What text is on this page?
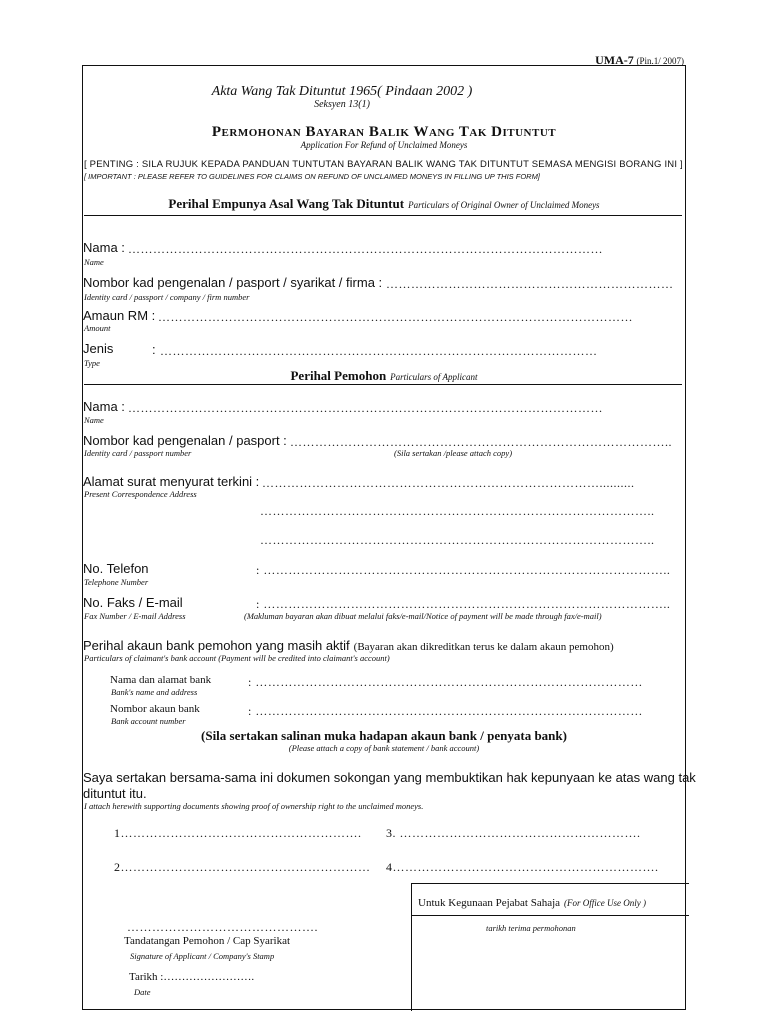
UMA-7 (Pin.1/ 2007)
Akta Wang Tak Dituntut 1965( Pindaan 2002 )
Seksyen 13(1)
Permohonan Bayaran Balik Wang Tak Dituntut
Application For Refund of Unclaimed Moneys
[ PENTING : SILA RUJUK KEPADA PANDUAN TUNTUTAN BAYARAN BALIK WANG TAK DITUNTUT SEMASA MENGISI BORANG INI ]
[ IMPORTANT : PLEASE REFER TO GUIDELINES FOR CLAIMS ON REFUND OF UNCLAIMED MONEYS IN FILLING UP THIS FORM]
Perihal Empunya Asal Wang Tak Dituntut Particulars of Original Owner of Unclaimed Moneys
Nama : ……………………………………………………………………………………………………
Name
Nombor kad pengenalan / pasport / syarikat / firma : ……………………………………………………………
Identity card / passport / company / firm number
Amaun RM : ……………………………………………………………………………………………………
Amount
Jenis	: ……………………………………………………………………………………………
Type
Perihal Pemohon Particulars of Applicant
Nama : ……………………………………………………………………………………………………
Name
Nombor kad pengenalan / pasport : ………………………………………………………………………………..
Identity card / passport number	(Sila sertakan /please attach copy)
Alamat surat menyurat terkini : ………………………………………………………………………..........
Present Correspondence Address
…………………………………………………………………………………..
…………………………………………………………………………………..
No. Telefon	: ……………………………………………………………………………………..
Telephone Number
No. Faks / E-mail	: ……………………………………………………………………………………..
Fax Number / E-mail Address	(Makluman bayaran akan dibuat melalui faks/e-mail/Notice of payment will be made through fax/e-mail)
Perihal akaun bank pemohon yang masih aktif (Bayaran akan dikreditkan terus ke dalam akaun pemohon)
Particulars of claimant's bank account (Payment will be credited into claimant's account)
Nama dan alamat bank	: …………………………………………………………………………………
Bank's name and address
Nombor akaun bank	: …………………………………………………………………………………
Bank account number
(Sila sertakan salinan muka hadapan akaun bank / penyata bank)
(Please attach a copy of bank statement / bank account)
Saya sertakan bersama-sama ini dokumen sokongan yang membuktikan hak kepunyaan ke atas wang tak
dituntut itu.
I attach herewith supporting documents showing proof of ownership right to the unclaimed moneys.
1…………………………………………………. 3. ………………………………………………….
2…………………………………………………… 4……………………………………………………….
Untuk Kegunaan Pejabat Sahaja (For Office Use Only )
tarikh terima permohonan
……………………………………….
Tandatangan Pemohon / Cap Syarikat
Signature of Applicant / Company's Stamp
Tarikh :…………………….
Date
